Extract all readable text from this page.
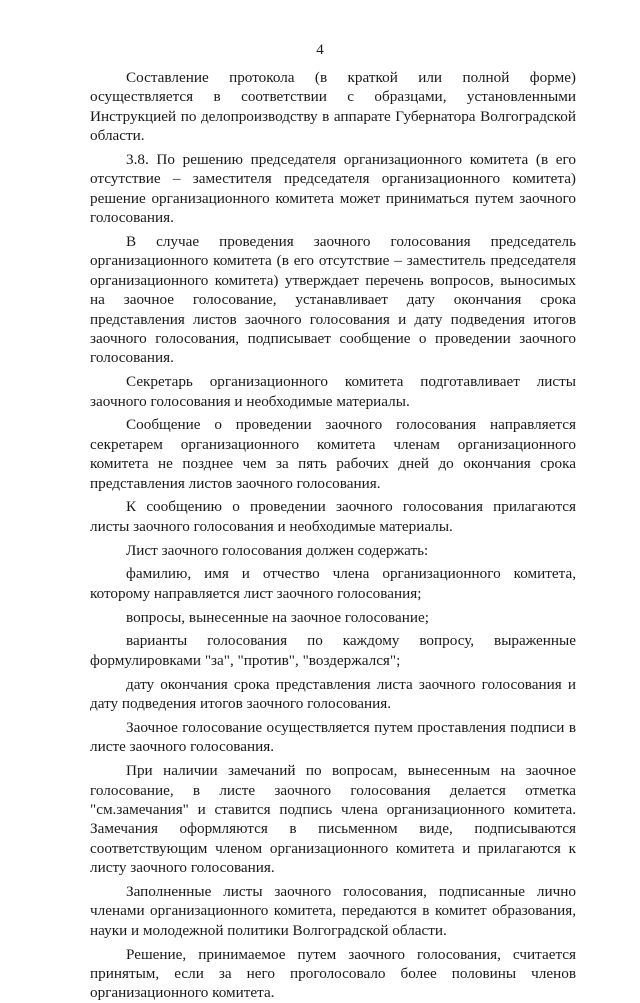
4

Составление протокола (в краткой или полной форме) осуществляется в соответствии с образцами, установленными Инструкцией по делопроизводству в аппарате Губернатора Волгоградской области.

3.8. По решению председателя организационного комитета (в его отсутствие – заместителя председателя организационного комитета) решение организационного комитета может приниматься путем заочного голосования.

В случае проведения заочного голосования председатель организационного комитета (в его отсутствие – заместитель председателя организационного комитета) утверждает перечень вопросов, выносимых на заочное голосование, устанавливает дату окончания срока представления листов заочного голосования и дату подведения итогов заочного голосования, подписывает сообщение о проведении заочного голосования.

Секретарь организационного комитета подготавливает листы заочного голосования и необходимые материалы.

Сообщение о проведении заочного голосования направляется секретарем организационного комитета членам организационного комитета не позднее чем за пять рабочих дней до окончания срока представления листов заочного голосования.

К сообщению о проведении заочного голосования прилагаются листы заочного голосования и необходимые материалы.

Лист заочного голосования должен содержать:

фамилию, имя и отчество члена организационного комитета, которому направляется лист заочного голосования;

вопросы, вынесенные на заочное голосование;

варианты голосования по каждому вопросу, выраженные формулировками "за", "против", "воздержался";

дату окончания срока представления листа заочного голосования и дату подведения итогов заочного голосования.

Заочное голосование осуществляется путем проставления подписи в листе заочного голосования.

При наличии замечаний по вопросам, вынесенным на заочное голосование, в листе заочного голосования делается отметка "см.замечания" и ставится подпись члена организационного комитета. Замечания оформляются в письменном виде, подписываются соответствующим членом организационного комитета и прилагаются к листу заочного голосования.

Заполненные листы заочного голосования, подписанные лично членами организационного комитета, передаются в комитет образования, науки и молодежной политики Волгоградской области.

Решение, принимаемое путем заочного голосования, считается принятым, если за него проголосовало более половины членов организационного комитета.
